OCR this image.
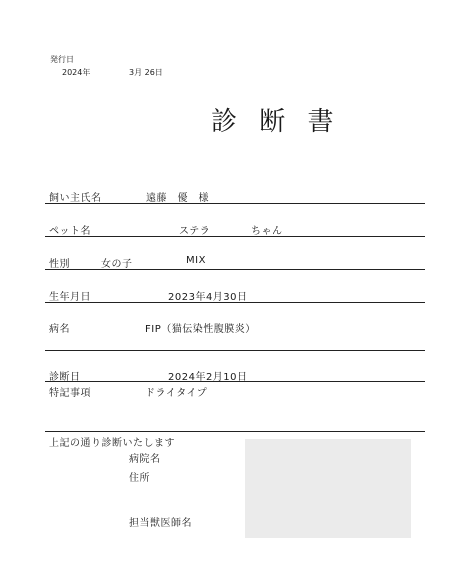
発行日
2024年	3月 26日
診 断 書
飼い主氏名	遠藤　優　様
ペット名	ステラ	ちゃん
性別	女の子	MIX
生年月日	2023年4月30日
病名	FIP（猫伝染性腹膜炎）
診断日	2024年2月10日
特記事項	ドライタイプ
上記の通り診断いたします
病院名
住所
担当獣医師名
